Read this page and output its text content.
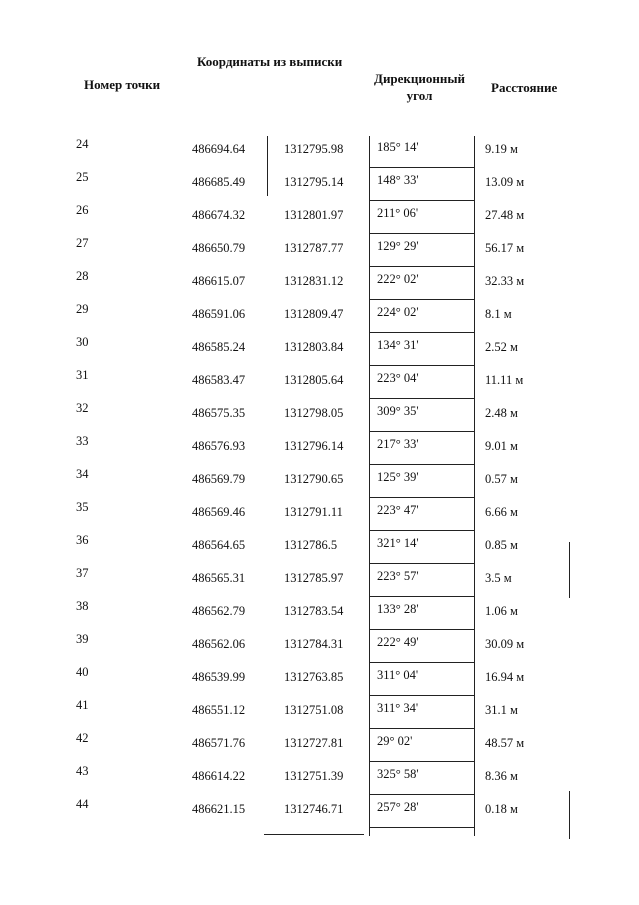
Координаты из выписки
Номер точки	Дирекционный
угол
Расстояние
24	486694.64	1312795.98	185° 14'	9.19 м
25	486685.49	1312795.14	148° 33'	13.09 м
26	486674.32	1312801.97	211° 06'	27.48 м
27	486650.79	1312787.77	129° 29'	56.17 м
28	486615.07	1312831.12	222° 02'	32.33 м
29	486591.06	1312809.47	224° 02'	8.1 м
30	486585.24	1312803.84	134° 31'	2.52 м
31	486583.47	1312805.64	223° 04'	11.11 м
32	486575.35	1312798.05	309° 35'	2.48 м
33	486576.93	1312796.14	217° 33'	9.01 м
34	486569.79	1312790.65	125° 39'	0.57 м
35	486569.46	1312791.11	223° 47'	6.66 м
36	486564.65	1312786.5	321° 14'	0.85 м
37	486565.31	1312785.97	223° 57'	3.5 м
38	486562.79	1312783.54	133° 28'	1.06 м
39	486562.06	1312784.31	222° 49'	30.09 м
40	486539.99	1312763.85	311° 04'	16.94 м
41	486551.12	1312751.08	311° 34'	31.1 м
42	486571.76	1312727.81	29° 02'	48.57 м
43	486614.22	1312751.39	325° 58'	8.36 м
44	486621.15	1312746.71	257° 28'	0.18 м
